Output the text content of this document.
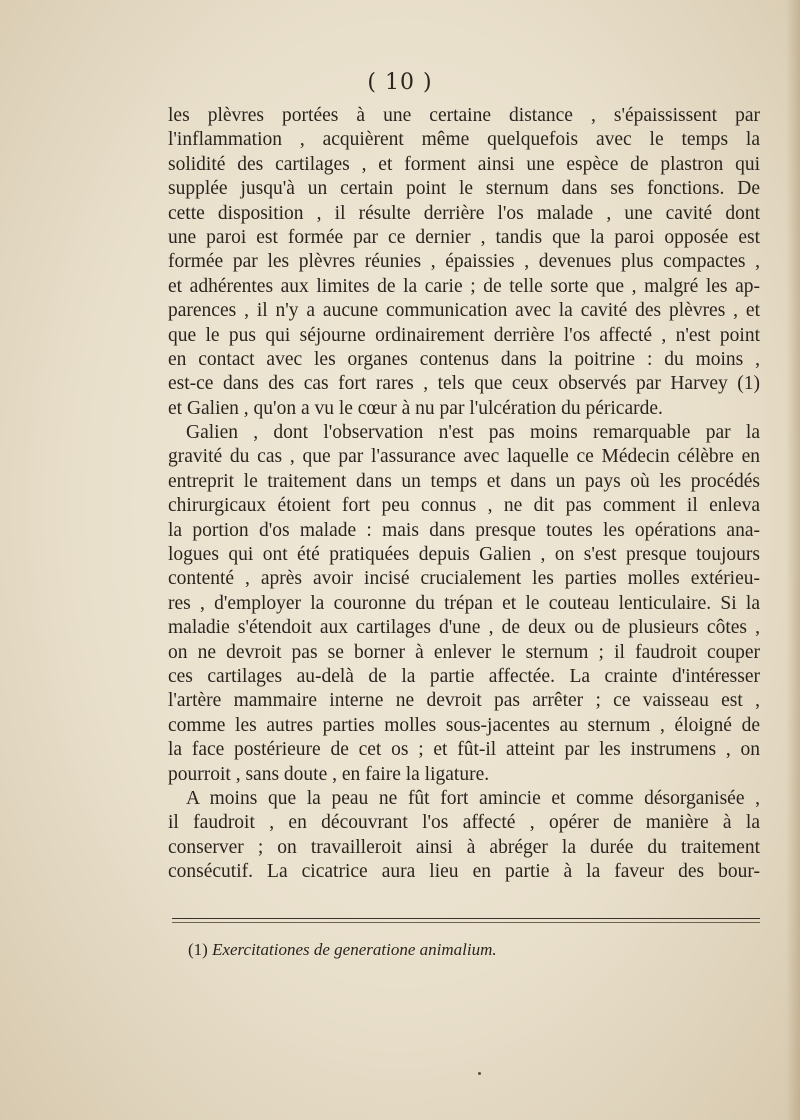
( 10 )
les plèvres portées à une certaine distance , s'épaississent par
l'inflammation , acquièrent même quelquefois avec le temps la
solidité des cartilages , et forment ainsi une espèce de plastron qui
supplée jusqu'à un certain point le sternum dans ses fonctions. De
cette disposition , il résulte derrière l'os malade , une cavité dont
une paroi est formée par ce dernier , tandis que la paroi opposée est
formée par les plèvres réunies , épaissies , devenues plus compactes ,
et adhérentes aux limites de la carie ; de telle sorte que , malgré les ap-
parences , il n'y a aucune communication avec la cavité des plèvres , et
que le pus qui séjourne ordinairement derrière l'os affecté , n'est point
en contact avec les organes contenus dans la poitrine : du moins ,
est-ce dans des cas fort rares , tels que ceux observés par Harvey (1)
et Galien , qu'on a vu le cœur à nu par l'ulcération du péricarde.
Galien , dont l'observation n'est pas moins remarquable par la
gravité du cas , que par l'assurance avec laquelle ce Médecin célèbre en
entreprit le traitement dans un temps et dans un pays où les procédés
chirurgicaux étoient fort peu connus , ne dit pas comment il enleva
la portion d'os malade : mais dans presque toutes les opérations ana-
logues qui ont été pratiquées depuis Galien , on s'est presque toujours
contenté , après avoir incisé crucialement les parties molles extérieu-
res , d'employer la couronne du trépan et le couteau lenticulaire. Si la
maladie s'étendoit aux cartilages d'une , de deux ou de plusieurs côtes ,
on ne devroit pas se borner à enlever le sternum ; il faudroit couper
ces cartilages au-delà de la partie affectée. La crainte d'intéresser
l'artère mammaire interne ne devroit pas arrêter ; ce vaisseau est ,
comme les autres parties molles sous-jacentes au sternum , éloigné de
la face postérieure de cet os ; et fût-il atteint par les instrumens , on
pourroit , sans doute , en faire la ligature.
A moins que la peau ne fût fort amincie et comme désorganisée ,
il faudroit , en découvrant l'os affecté , opérer de manière à la
conserver ; on travailleroit ainsi à abréger la durée du traitement
consécutif. La cicatrice aura lieu en partie à la faveur des bour-
(1) Exercitationes de generatione animalium.
